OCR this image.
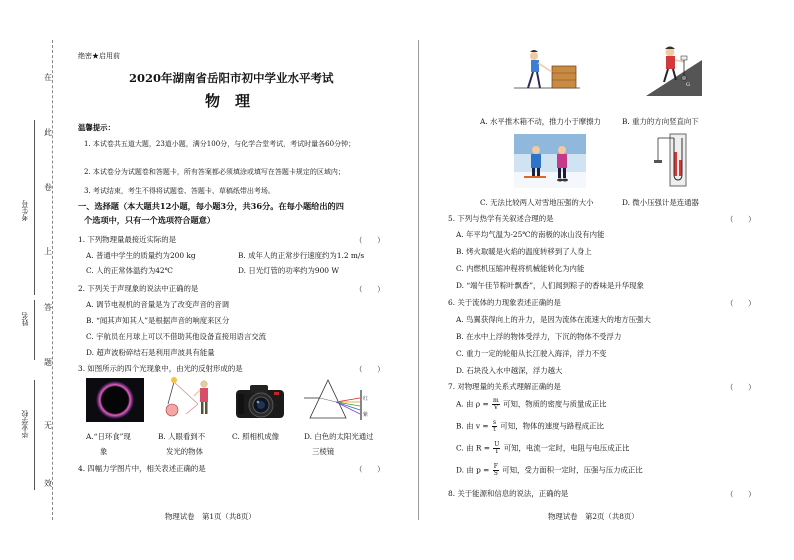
在
此
卷
上
答
题
无
效
考生号
姓名
毕业学校
绝密★启用前
2020年湖南省岳阳市初中学业水平考试
物　理
温馨提示：
1. 本试卷共五道大题，23道小题，满分100分，与化学合堂考试，考试时量各60分钟；
2. 本试卷分为试题卷和答题卡，所有答案都必须填涂或填写在答题卡规定的区域内；
3. 考试结束，考生不得将试题卷、答题卡、草稿纸带出考场。
一、选择题（本大题共12小题，每小题3分，共36分。在每小题给出的四
个选项中，只有一个选项符合题意）
1. 下列物理量最接近实际的是	（　　）
A. 普通中学生的质量约为200 kg	B. 成年人的正常步行速度约为1.2 m/s
C. 人的正常体温约为42℃	D. 日光灯管的功率约为900 W
2. 下列关于声现象的说法中正确的是	（　　）
A. 调节电视机的音量是为了改变声音的音调
B. “闻其声知其人”是根据声音的响度来区分
C. 宇航员在月球上可以不借助其他设备直接用语言交流
D. 超声波粉碎结石是利用声波具有能量
3. 如图所示的四个光现象中，由光的反射形成的是	（　　）
红
紫
A.“日环食”现
象
B. 人眼看到不
发光的物体
C. 照相机成像	D. 白色的太阳光通过
三棱镜
4. 四幅力学图片中，相关表述正确的是	（　　）
物理试卷　第1页（共8页）
G
A. 水平推木箱不动，推力小于摩擦力	B. 重力的方向竖直向下
C. 无法比较两人对雪地压强的大小	D. 微小压强计是连通器
5. 下列与热学有关叙述合理的是	（　　）
A. 年平均气温为-25℃的南极的冰山没有内能
B. 烤火取暖是火焰的温度转移到了人身上
C. 内燃机压缩冲程将机械能转化为内能
D. “端午佳节粽叶飘香”，人们闻到粽子的香味是升华现象
6. 关于流体的力现象表述正确的是	（　　）
A. 鸟翼获得向上的升力，是因为流体在流速大的地方压强大
B. 在水中上浮的物体受浮力，下沉的物体不受浮力
C. 重力一定的轮船从长江驶入海洋，浮力不变
D. 石块没入水中越深，浮力越大
7. 对物理量的关系式理解正确的是	（　　）
A. 由 $\rho = \frac{m}{V}$ 可知，物质的密度与质量成正比
B. 由 $v = \frac{s}{t}$ 可知，物体的速度与路程成正比
C. 由 $R = \frac{U}{I}$ 可知，电流一定时，电阻与电压成正比
D. 由 $p = \frac{F}{S}$ 可知，受力面积一定时，压强与压力成正比
8. 关于能源和信息的说法，正确的是	（　　）
物理试卷　第2页（共8页）
